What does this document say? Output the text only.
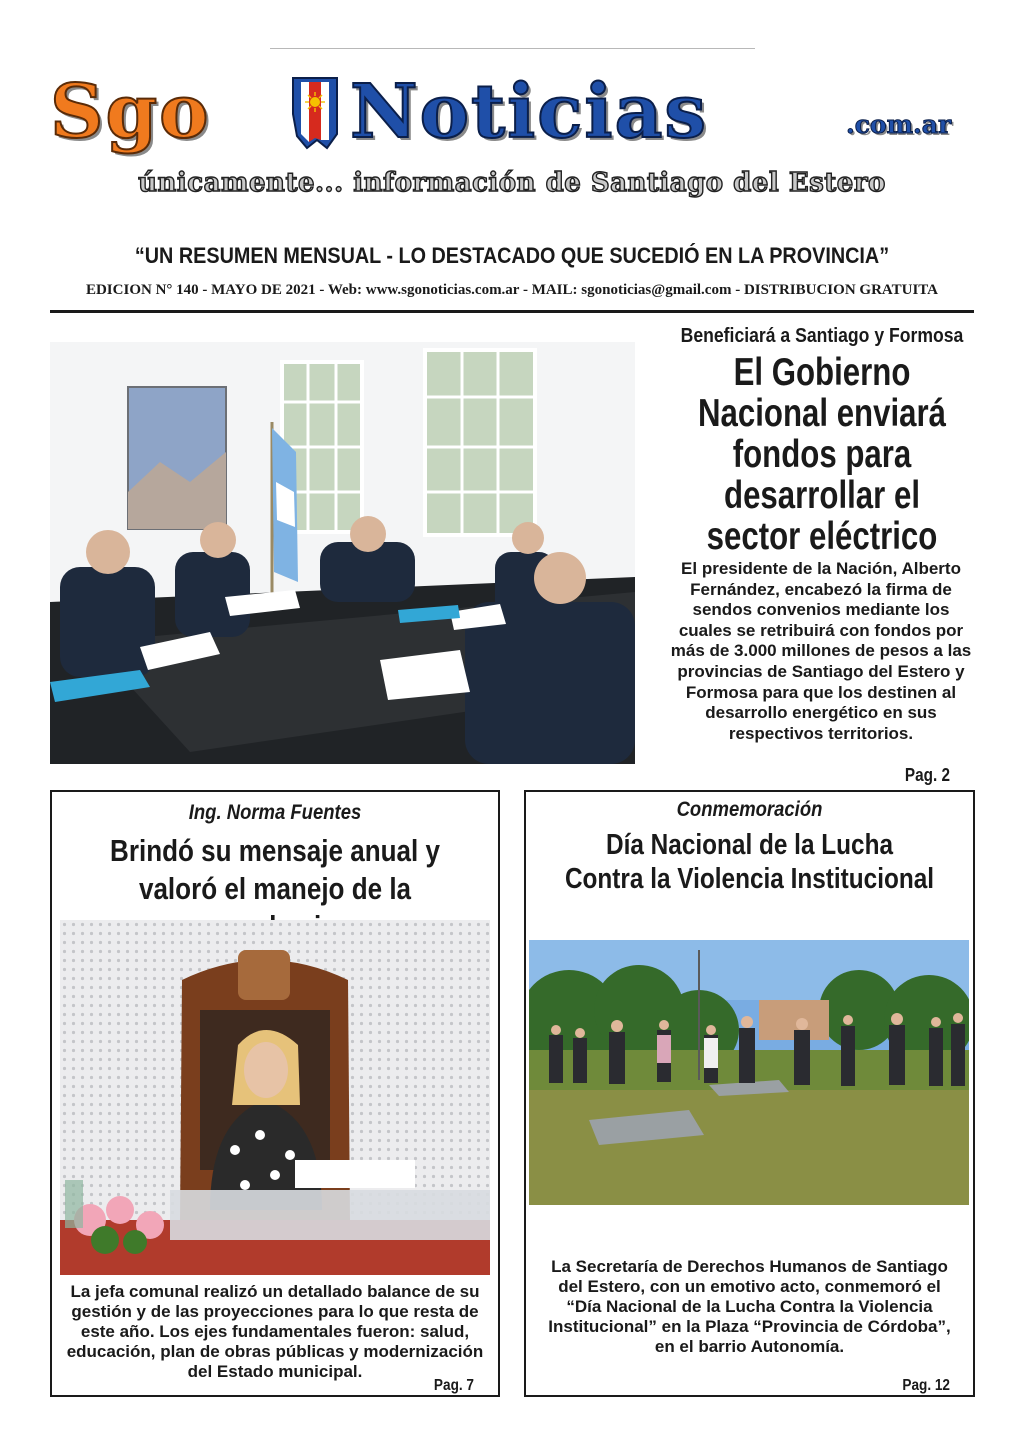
Sgo Noticias	.com.ar
únicamente... información de Santiago del Estero
“UN RESUMEN MENSUAL - LO DESTACADO QUE SUCEDIÓ EN LA PROVINCIA”
EDICION N° 140 - MAYO DE 2021 - Web: www.sgonoticias.com.ar - MAIL: sgonoticias@gmail.com - DISTRIBUCION GRATUITA
Beneficiará a Santiago y Formosa
El Gobierno
Nacional enviará
fondos para
desarrollar el
sector eléctrico
El presidente de la Nación, Alberto Fernández, encabezó la firma de sendos convenios mediante los cuales se retribuirá con fondos por más de 3.000 millones de pesos a las provincias de Santiago del Estero y Formosa para que los destinen al desarrollo energético en sus respectivos territorios.
Pag. 2
Ing. Norma Fuentes
Brindó su mensaje anual y
valoró el manejo de la
La jefa comunal realizó un detallado balance de su gestión y de las proyecciones para lo que resta de este año. Los ejes fundamentales fueron: salud, educación, plan de obras públicas y modernización del Estado municipal.
Pag. 7
Conmemoración
Día Nacional de la Lucha
Contra la Violencia Institucional
La Secretaría de Derechos Humanos de Santiago del Estero, con un emotivo acto, conmemoró el “Día Nacional de la Lucha Contra la Violencia Institucional” en la Plaza “Provincia de Córdoba”, en el barrio Autonomía.
Pag. 12
